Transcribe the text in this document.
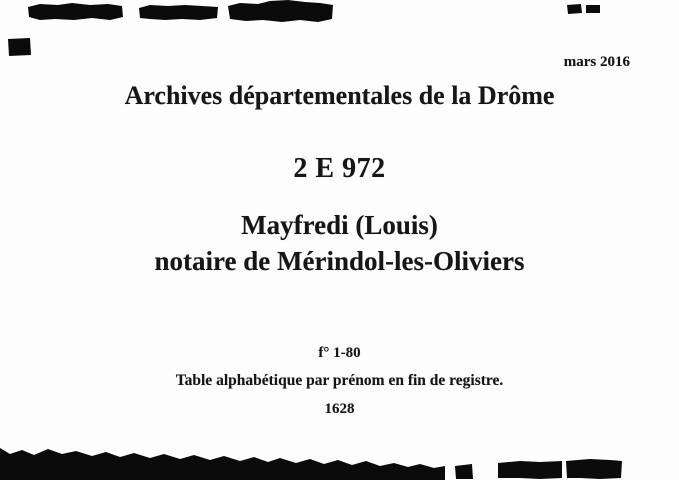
mars 2016

Archives départementales de la Drôme

2 E 972

Mayfredi (Louis)

notaire de Mérindol-les-Oliviers

f° 1-80

Table alphabétique par prénom en fin de registre.

1628
